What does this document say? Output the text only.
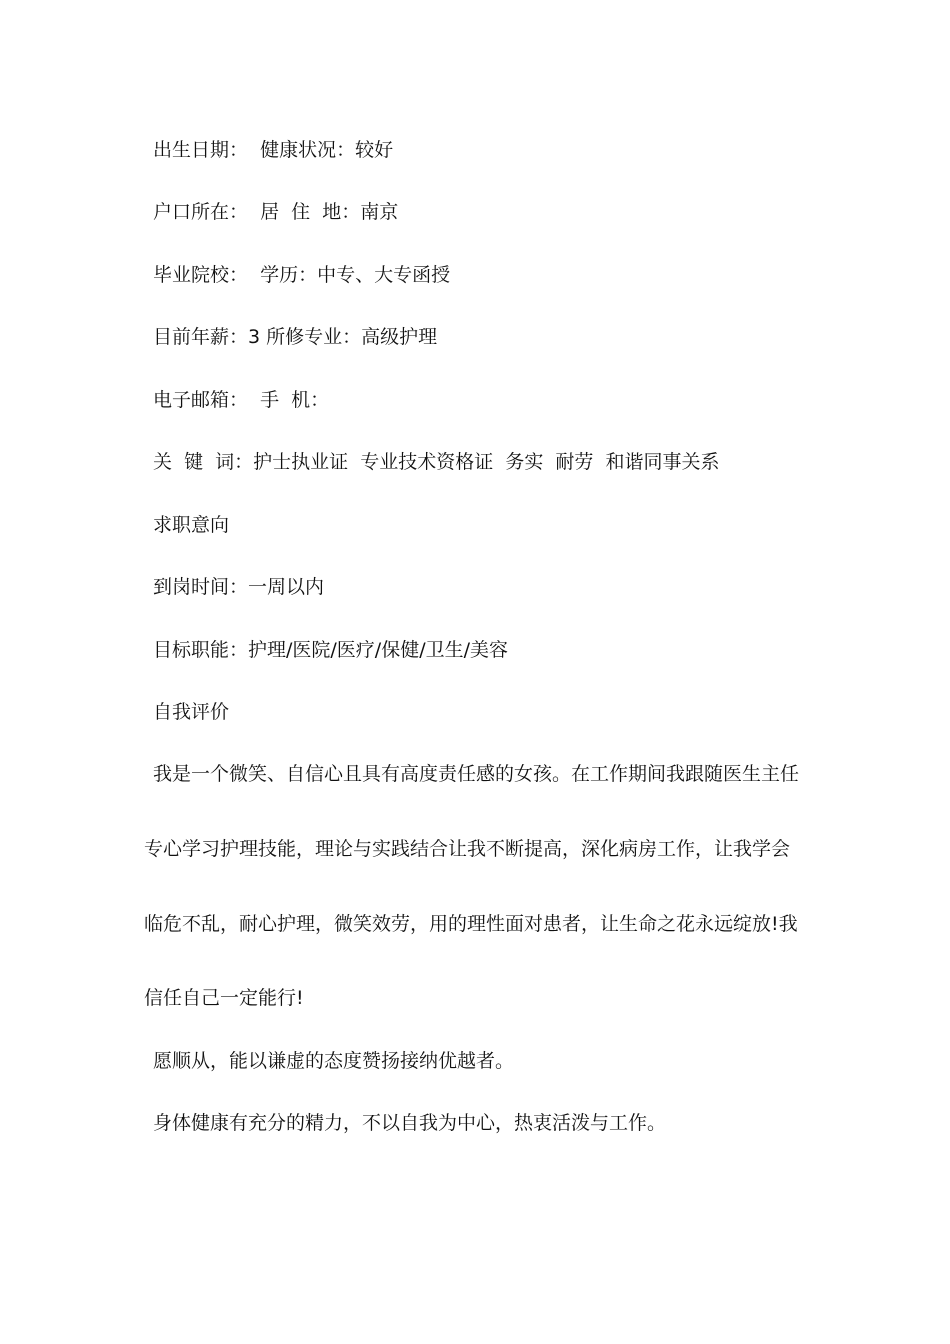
出生日期：  健康状况：较好
户口所在：  居  住  地：南京
毕业院校：  学历：中专、大专函授
目前年薪：3 所修专业：高级护理
电子邮箱：  手  机：
关  键  词：护士执业证  专业技术资格证  务实  耐劳  和谐同事关系
求职意向
到岗时间：一周以内
目标职能：护理/医院/医疗/保健/卫生/美容
自我评价
我是一个微笑、自信心且具有高度责任感的女孩。在工作期间我跟随医生主任
专心学习护理技能，理论与实践结合让我不断提高，深化病房工作，让我学会
临危不乱，耐心护理，微笑效劳，用的理性面对患者，让生命之花永远绽放!我
信任自己一定能行!
愿顺从，能以谦虚的态度赞扬接纳优越者。
身体健康有充分的精力，不以自我为中心，热衷活泼与工作。
